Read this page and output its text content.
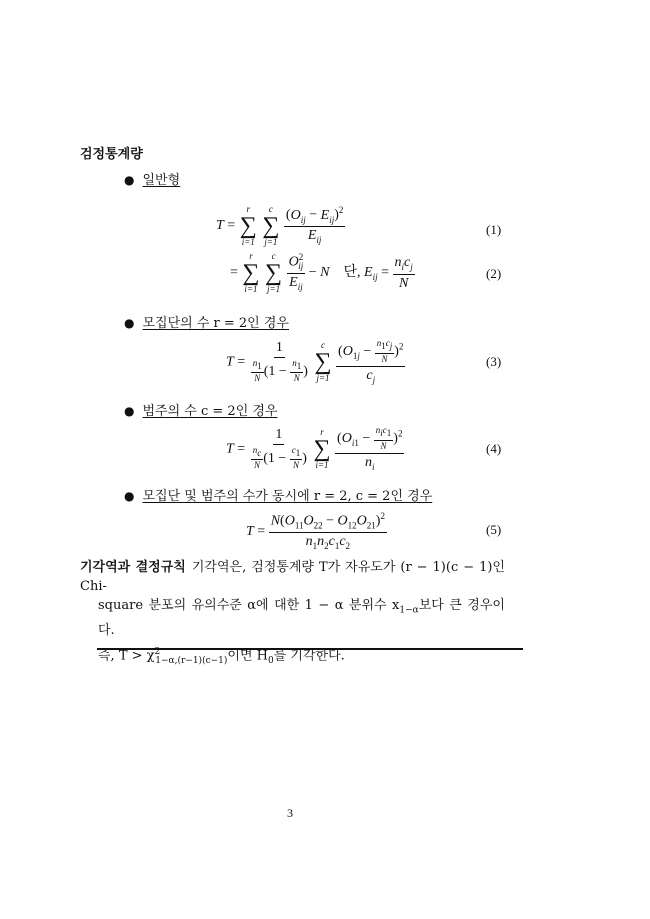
검정통계량
● 일반형
T =
r
∑
i=1

c
∑
j=1
$\frac{(O_{ij} - E_{ij})^2}{E_{ij}}$	(1)
=
r
∑
i=1

c
∑
j=1
$\frac{O^2_{ij}}{E_{ij}} - N$ 단, $E_{ij} = \frac{n_ic_j}{N}$	(2)
● 모집단의 수 r = 2인 경우
$T = \frac{1}{\frac{n_1}{N} (1 - \frac{n_1}{N} )}$
c
∑
j=1
$\frac{(O_{1j} - \frac{n_1c_j}{N} )^2}{c_j}$	(3)
● 범주의 수 c = 2인 경우
$T = \frac{1}{\frac{n_c}{N} (1 - \frac{c_1}{N} )}$
r
∑
i=1
$\frac{(O_{i1} - \frac{n_ic_1}{N} )^2}{n_i}$	(4)
● 모집단 및 범주의 수가 동시에 r = 2, c = 2인 경우
$T = \frac{N(O_{11}O_{22} - O_{12}O_{21})^2}{n_1n_2c_1c_2}$	(5)
기각역과 결정규칙 기각역은, 검정통계량 T가 자유도가 (r − 1)(c − 1)인 Chi-
square 분포의 유의수준 α에 대한 1 − α 분위수 $x_{1-\alpha}$보다 큰 경우이다.
즉, $T > \chi^2_{1-\alpha,(r-1)(c-1)}$이면 $H_0$를 기각한다.
3
